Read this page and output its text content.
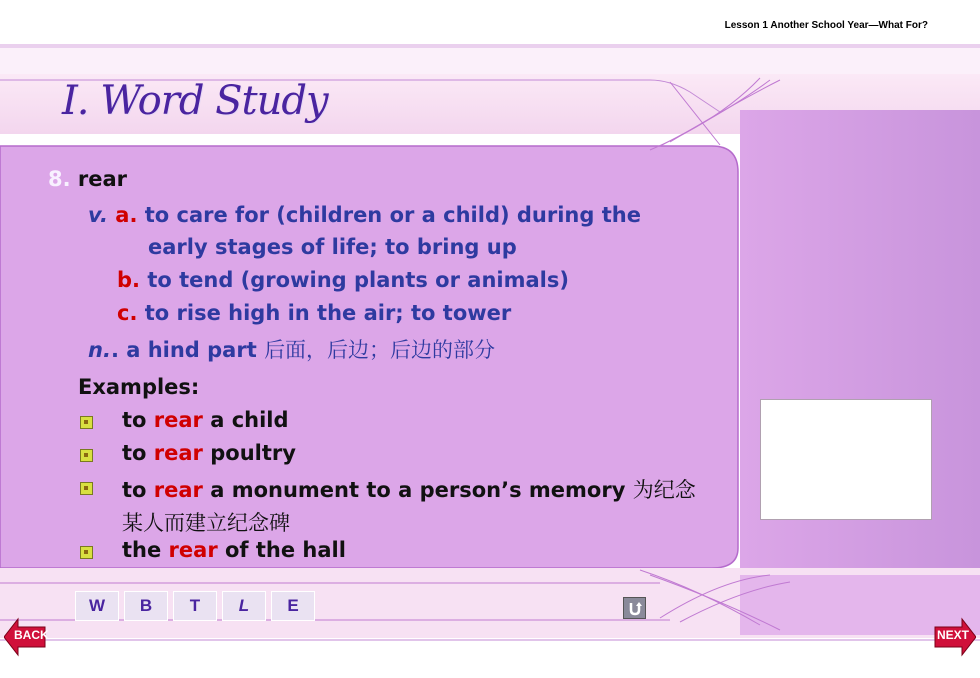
Lesson 1 Another School Year—What For?
I. Word Study
8. rear
v. a. to care for (children or a child) during the
early stages of life; to bring up
b. to tend (growing plants or animals)
c. to rise high in the air; to tower
n.. a hind part 后面，后边；后边的部分
Examples:
to rear a child
to rear poultry
to rear a monument to a person’s memory 为纪念
某人而建立纪念碑
the rear of the hall
W	B	T	L	E
BACK	NEXT
